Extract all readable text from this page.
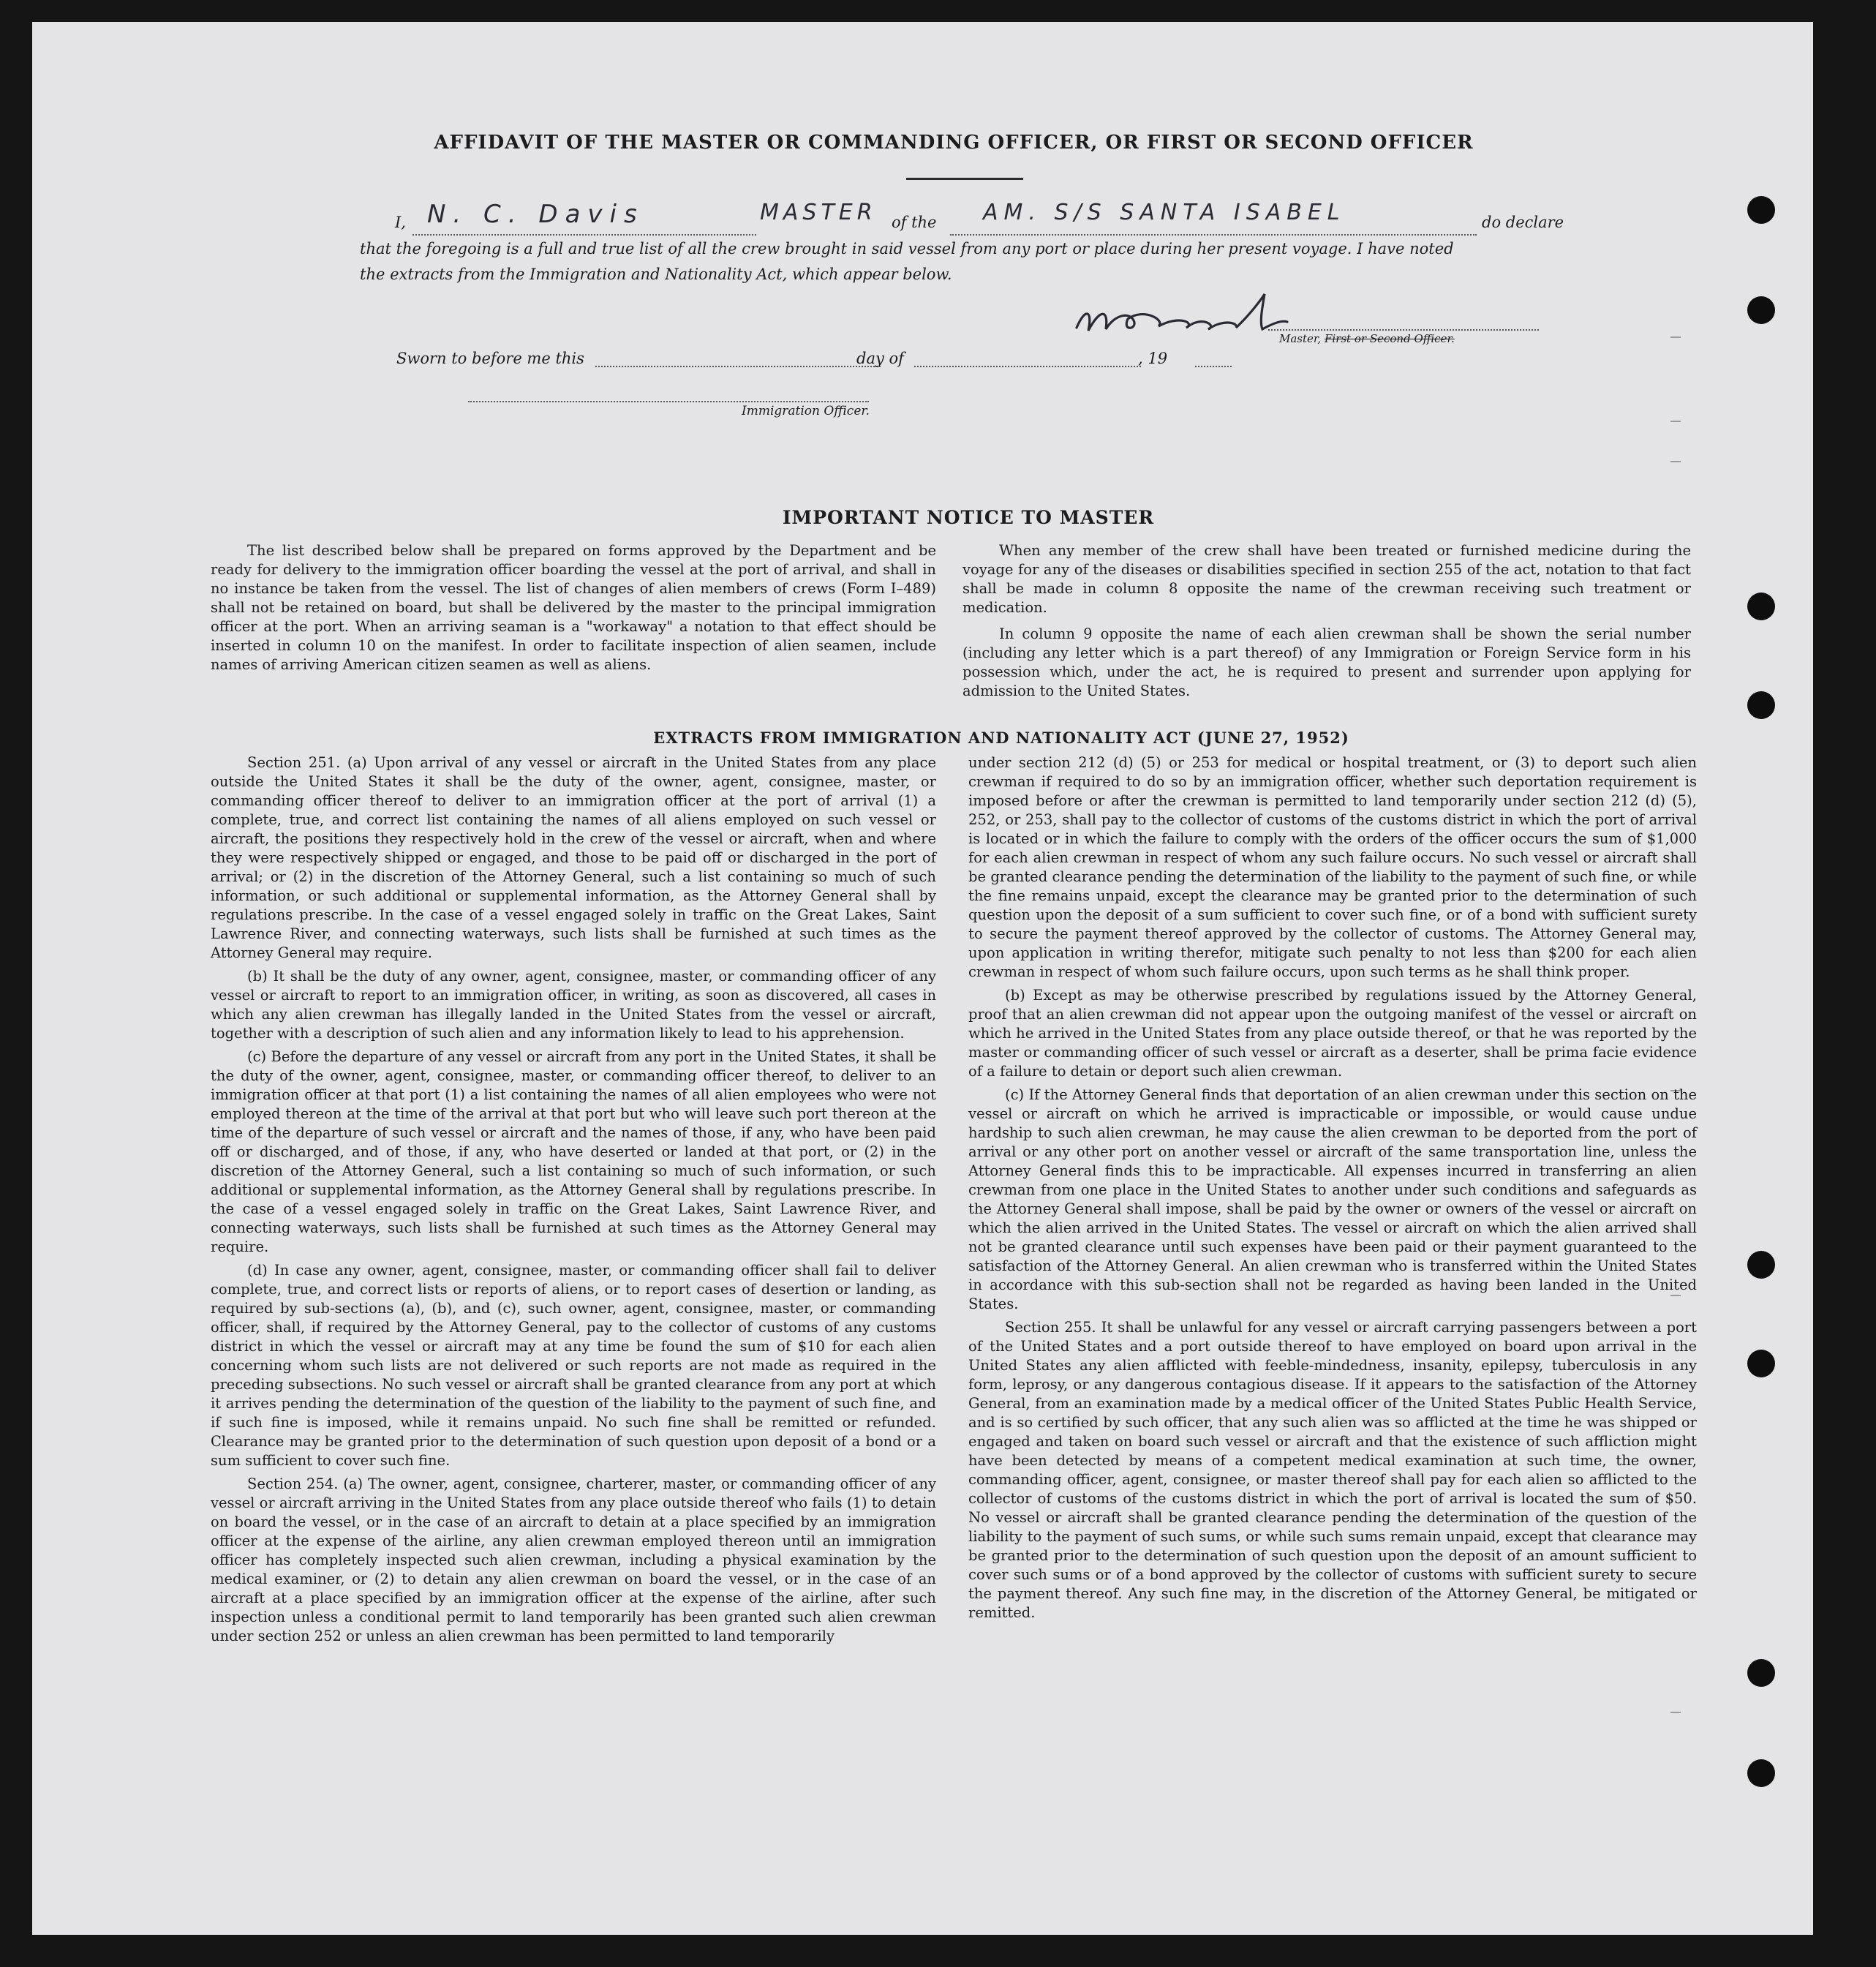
AFFIDAVIT OF THE MASTER OR COMMANDING OFFICER, OR FIRST OR SECOND OFFICER
I, N. C. Davis	MASTER of the AM. S/S SANTA ISABEL	do declare
that the foregoing is a full and true list of all the crew brought in said vessel from any port or place during her present voyage. I have noted
the extracts from the Immigration and Nationality Act, which appear below.
Master, First or Second Officer.
Sworn to before me this	day of	, 19
Immigration Officer.
IMPORTANT NOTICE TO MASTER

The list described below shall be prepared on forms approved by the Department and be ready for delivery to the immigration officer boarding the vessel at the port of arrival, and shall in no instance be taken from the vessel. The list of changes of alien members of crews (Form I–489) shall not be retained on board, but shall be delivered by the master to the principal immigration officer at the port. When an arriving seaman is a "workaway" a notation to that effect should be inserted in column 10 on the manifest. In order to facilitate inspection of alien seamen, include names of arriving American citizen seamen as well as aliens.

When any member of the crew shall have been treated or furnished medicine during the voyage for any of the diseases or disabilities specified in section 255 of the act, notation to that fact shall be made in column 8 opposite the name of the crewman receiving such treatment or medication.

In column 9 opposite the name of each alien crewman shall be shown the serial number (including any letter which is a part thereof) of any Immigration or Foreign Service form in his possession which, under the act, he is required to present and surrender upon applying for admission to the United States.

EXTRACTS FROM IMMIGRATION AND NATIONALITY ACT (JUNE 27, 1952)

Section 251. (a) Upon arrival of any vessel or aircraft in the United States from any place outside the United States it shall be the duty of the owner, agent, consignee, master, or commanding officer thereof to deliver to an immigration officer at the port of arrival (1) a complete, true, and correct list containing the names of all aliens employed on such vessel or aircraft, the positions they respectively hold in the crew of the vessel or aircraft, when and where they were respectively shipped or engaged, and those to be paid off or discharged in the port of arrival; or (2) in the discretion of the Attorney General, such a list containing so much of such information, or such additional or supplemental information, as the Attorney General shall by regulations prescribe. In the case of a vessel engaged solely in traffic on the Great Lakes, Saint Lawrence River, and connecting waterways, such lists shall be furnished at such times as the Attorney General may require.

(b) It shall be the duty of any owner, agent, consignee, master, or commanding officer of any vessel or aircraft to report to an immigration officer, in writing, as soon as discovered, all cases in which any alien crewman has illegally landed in the United States from the vessel or aircraft, together with a description of such alien and any information likely to lead to his apprehension.

(c) Before the departure of any vessel or aircraft from any port in the United States, it shall be the duty of the owner, agent, consignee, master, or commanding officer thereof, to deliver to an immigration officer at that port (1) a list containing the names of all alien employees who were not employed thereon at the time of the arrival at that port but who will leave such port thereon at the time of the departure of such vessel or aircraft and the names of those, if any, who have been paid off or discharged, and of those, if any, who have deserted or landed at that port, or (2) in the discretion of the Attorney General, such a list containing so much of such information, or such additional or supplemental information, as the Attorney General shall by regulations prescribe. In the case of a vessel engaged solely in traffic on the Great Lakes, Saint Lawrence River, and connecting waterways, such lists shall be furnished at such times as the Attorney General may require.

(d) In case any owner, agent, consignee, master, or commanding officer shall fail to deliver complete, true, and correct lists or reports of aliens, or to report cases of desertion or landing, as required by sub-sections (a), (b), and (c), such owner, agent, consignee, master, or commanding officer, shall, if required by the Attorney General, pay to the collector of customs of any customs district in which the vessel or aircraft may at any time be found the sum of $10 for each alien concerning whom such lists are not delivered or such reports are not made as required in the preceding subsections. No such vessel or aircraft shall be granted clearance from any port at which it arrives pending the determination of the question of the liability to the payment of such fine, and if such fine is imposed, while it remains unpaid. No such fine shall be remitted or refunded. Clearance may be granted prior to the determination of such question upon deposit of a bond or a sum sufficient to cover such fine.

Section 254. (a) The owner, agent, consignee, charterer, master, or commanding officer of any vessel or aircraft arriving in the United States from any place outside thereof who fails (1) to detain on board the vessel, or in the case of an aircraft to detain at a place specified by an immigration officer at the expense of the airline, any alien crewman employed thereon until an immigration officer has completely inspected such alien crewman, including a physical examination by the medical examiner, or (2) to detain any alien crewman on board the vessel, or in the case of an aircraft at a place specified by an immigration officer at the expense of the airline, after such inspection unless a conditional permit to land temporarily has been granted such alien crewman under section 252 or unless an alien crewman has been permitted to land temporarily

under section 212 (d) (5) or 253 for medical or hospital treatment, or (3) to deport such alien crewman if required to do so by an immigration officer, whether such deportation requirement is imposed before or after the crewman is permitted to land temporarily under section 212 (d) (5), 252, or 253, shall pay to the collector of customs of the customs district in which the port of arrival is located or in which the failure to comply with the orders of the officer occurs the sum of $1,000 for each alien crewman in respect of whom any such failure occurs. No such vessel or aircraft shall be granted clearance pending the determination of the liability to the payment of such fine, or while the fine remains unpaid, except the clearance may be granted prior to the determination of such question upon the deposit of a sum sufficient to cover such fine, or of a bond with sufficient surety to secure the payment thereof approved by the collector of customs. The Attorney General may, upon application in writing therefor, mitigate such penalty to not less than $200 for each alien crewman in respect of whom such failure occurs, upon such terms as he shall think proper.

(b) Except as may be otherwise prescribed by regulations issued by the Attorney General, proof that an alien crewman did not appear upon the outgoing manifest of the vessel or aircraft on which he arrived in the United States from any place outside thereof, or that he was reported by the master or commanding officer of such vessel or aircraft as a deserter, shall be prima facie evidence of a failure to detain or deport such alien crewman.

(c) If the Attorney General finds that deportation of an alien crewman under this section on the vessel or aircraft on which he arrived is impracticable or impossible, or would cause undue hardship to such alien crewman, he may cause the alien crewman to be deported from the port of arrival or any other port on another vessel or aircraft of the same transportation line, unless the Attorney General finds this to be impracticable. All expenses incurred in transferring an alien crewman from one place in the United States to another under such conditions and safeguards as the Attorney General shall impose, shall be paid by the owner or owners of the vessel or aircraft on which the alien arrived in the United States. The vessel or aircraft on which the alien arrived shall not be granted clearance until such expenses have been paid or their payment guaranteed to the satisfaction of the Attorney General. An alien crewman who is transferred within the United States in accordance with this sub-section shall not be regarded as having been landed in the United States.

Section 255. It shall be unlawful for any vessel or aircraft carrying passengers between a port of the United States and a port outside thereof to have employed on board upon arrival in the United States any alien afflicted with feeble-mindedness, insanity, epilepsy, tuberculosis in any form, leprosy, or any dangerous contagious disease. If it appears to the satisfaction of the Attorney General, from an examination made by a medical officer of the United States Public Health Service, and is so certified by such officer, that any such alien was so afflicted at the time he was shipped or engaged and taken on board such vessel or aircraft and that the existence of such affliction might have been detected by means of a competent medical examination at such time, the owner, commanding officer, agent, consignee, or master thereof shall pay for each alien so afflicted to the collector of customs of the customs district in which the port of arrival is located the sum of $50. No vessel or aircraft shall be granted clearance pending the determination of the question of the liability to the payment of such sums, or while such sums remain unpaid, except that clearance may be granted prior to the determination of such question upon the deposit of an amount sufficient to cover such sums or of a bond approved by the collector of customs with sufficient surety to secure the payment thereof. Any such fine may, in the discretion of the Attorney General, be mitigated or remitted.
